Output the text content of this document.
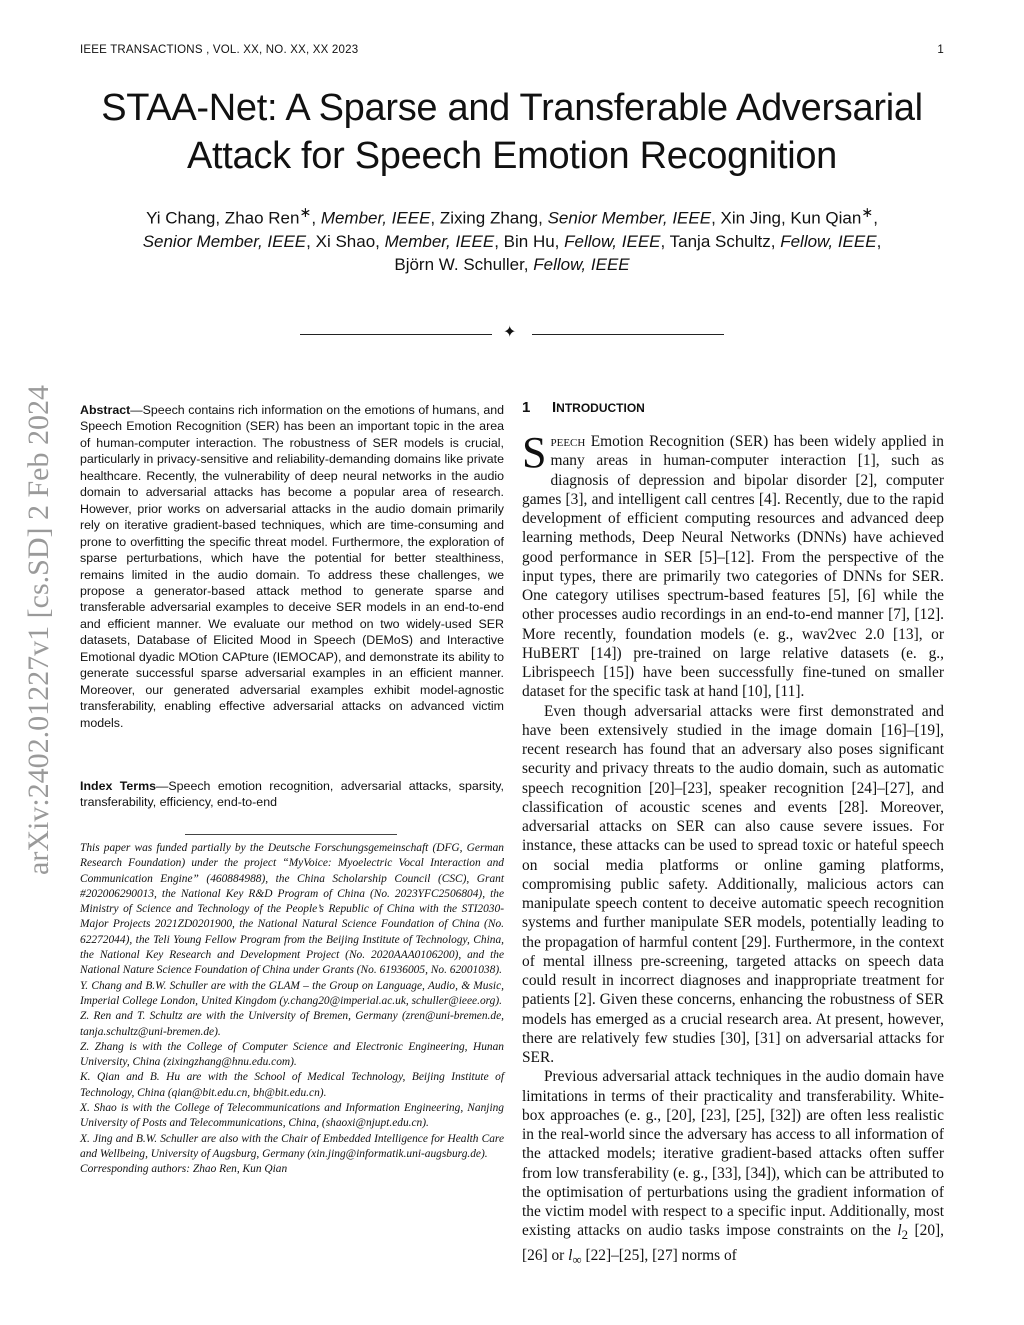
IEEE TRANSACTIONS , VOL. XX, NO. XX, XX 2023	1
STAA-Net: A Sparse and Transferable Adversarial
Attack for Speech Emotion Recognition
Yi Chang, Zhao Ren∗, Member, IEEE, Zixing Zhang, Senior Member, IEEE, Xin Jing, Kun Qian∗, Senior Member, IEEE, Xi Shao, Member, IEEE, Bin Hu, Fellow, IEEE, Tanja Schultz, Fellow, IEEE,
Björn W. Schuller, Fellow, IEEE
✦
arXiv:2402.01227v1 [cs.SD] 2 Feb 2024	Abstract—Speech contains rich information on the emotions of humans, and Speech Emotion Recognition (SER) has been an important topic in the area of human-computer interaction. The robustness of SER models is crucial, particularly in privacy-sensitive and reliability-demanding domains like private healthcare. Recently, the vulnerability of deep neural networks in the audio domain to adversarial attacks has become a popular area of research. However, prior works on adversarial attacks in the audio domain primarily rely on iterative gradient-based techniques, which are time-consuming and prone to overfitting the specific threat model. Furthermore, the exploration of sparse perturbations, which have the potential for better stealthiness, remains limited in the audio domain. To address these challenges, we propose a generator-based attack method to generate sparse and transferable adversarial examples to deceive SER models in an end-to-end and efficient manner. We evaluate our method on two widely-used SER datasets, Database of Elicited Mood in Speech (DEMoS) and Interactive Emotional dyadic MOtion CAPture (IEMOCAP), and demonstrate its ability to generate successful sparse adversarial examples in an efficient manner. Moreover, our generated adversarial examples exhibit model-agnostic transferability, enabling effective adversarial attacks on advanced victim models.
Index Terms—Speech emotion recognition, adversarial attacks, sparsity, transferability, efficiency, end-to-end

This paper was funded partially by the Deutsche Forschungsgemeinschaft (DFG, German Research Foundation) under the project “MyVoice: Myoelectric Vocal Interaction and Communication Engine” (460884988), the China Scholarship Council (CSC), Grant #202006290013, the National Key R&D Program of China (No. 2023YFC2506804), the Ministry of Science and Technology of the People’s Republic of China with the STI2030-Major Projects 2021ZD0201900, the National Natural Science Foundation of China (No. 62272044), the Teli Young Fellow Program from the Beijing Institute of Technology, China, the National Key Research and Development Project (No. 2020AAA0106200), and the National Nature Science Foundation of China under Grants (No. 61936005, No. 62001038).

Y. Chang and B.W. Schuller are with the GLAM – the Group on Language, Audio, & Music, Imperial College London, United Kingdom (y.chang20@imperial.ac.uk, schuller@ieee.org).

Z. Ren and T. Schultz are with the University of Bremen, Germany (zren@uni-bremen.de, tanja.schultz@uni-bremen.de).

Z. Zhang is with the College of Computer Science and Electronic Engineering, Hunan University, China (zixingzhang@hnu.edu.com).

K. Qian and B. Hu are with the School of Medical Technology, Beijing Institute of Technology, China (qian@bit.edu.cn, bh@bit.edu.cn).

X. Shao is with the College of Telecommunications and Information Engineering, Nanjing University of Posts and Telecommunications, China, (shaoxi@njupt.edu.cn).

X. Jing and B.W. Schuller are also with the Chair of Embedded Intelligence for Health Care and Wellbeing, University of Augsburg, Germany (xin.jing@informatik.uni-augsburg.de).

Corresponding authors: Zhao Ren, Kun Qian

1 INTRODUCTION

Speech Emotion Recognition (SER) has been widely applied in many areas in human-computer interaction [1], such as diagnosis of depression and bipolar disorder [2], computer games [3], and intelligent call centres [4]. Recently, due to the rapid development of efficient computing resources and advanced deep learning methods, Deep Neural Networks (DNNs) have achieved good performance in SER [5]–[12]. From the perspective of the input types, there are primarily two categories of DNNs for SER. One category utilises spectrum-based features [5], [6] while the other processes audio recordings in an end-to-end manner [7], [12]. More recently, foundation models (e. g., wav2vec 2.0 [13], or HuBERT [14]) pre-trained on large relative datasets (e. g., Librispeech [15]) have been successfully fine-tuned on smaller dataset for the specific task at hand [10], [11].

Even though adversarial attacks were first demonstrated and have been extensively studied in the image domain [16]–[19], recent research has found that an adversary also poses significant security and privacy threats to the audio domain, such as automatic speech recognition [20]–[23], speaker recognition [24]–[27], and classification of acoustic scenes and events [28]. Moreover, adversarial attacks on SER can also cause severe issues. For instance, these attacks can be used to spread toxic or hateful speech on social media platforms or online gaming platforms, compromising public safety. Additionally, malicious actors can manipulate speech content to deceive automatic speech recognition systems and further manipulate SER models, potentially leading to the propagation of harmful content [29]. Furthermore, in the context of mental illness pre-screening, targeted attacks on speech data could result in incorrect diagnoses and inappropriate treatment for patients [2]. Given these concerns, enhancing the robustness of SER models has emerged as a crucial research area. At present, however, there are relatively few studies [30], [31] on adversarial attacks for SER.

Previous adversarial attack techniques in the audio domain have limitations in terms of their practicality and transferability. White-box approaches (e. g., [20], [23], [25], [32]) are often less realistic in the real-world since the adversary has access to all information of the attacked models; iterative gradient-based attacks often suffer from low transferability (e. g., [33], [34]), which can be attributed to the optimisation of perturbations using the gradient information of the victim model with respect to a specific input. Additionally, most existing attacks on audio tasks impose constraints on the $l_2$ [20], [26] or $l_\infty$ [22]–[25], [27] norms of
